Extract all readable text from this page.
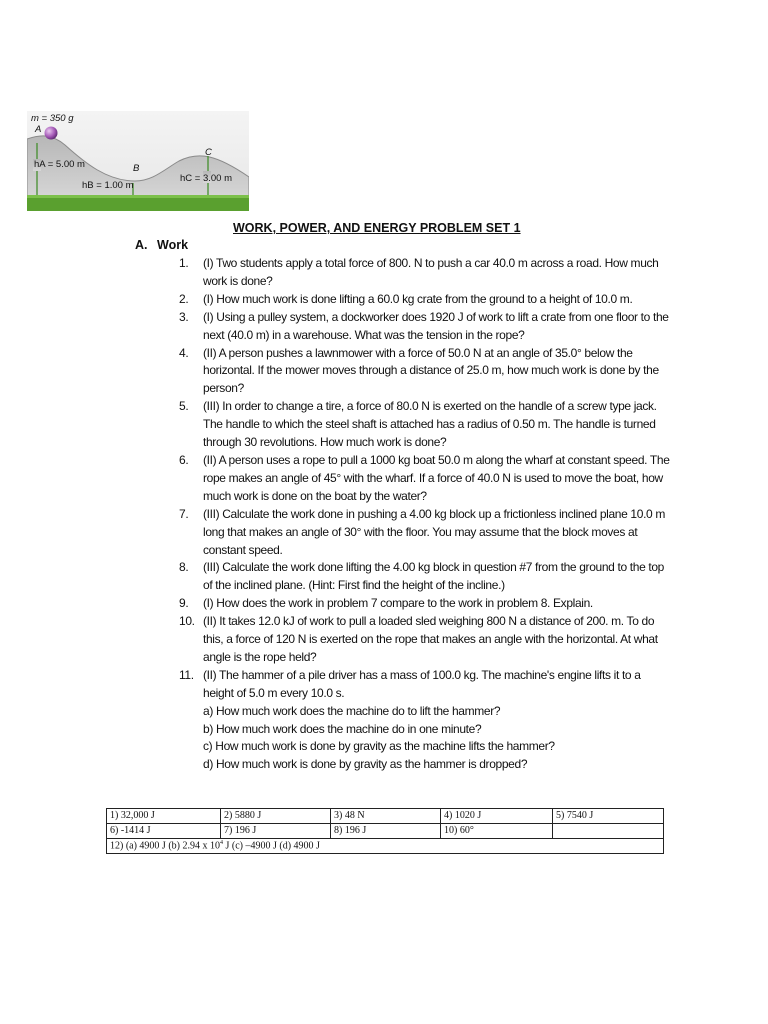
m = 350 g
A
B
C
hA = 5.00 m
hB = 1.00 m
hC = 3.00 m
WORK, POWER, AND ENERGY PROBLEM SET 1
A. Work
1.	(I) Two students apply a total force of 800. N to push a car 40.0 m across a road. How much work is done?
2.	(I) How much work is done lifting a 60.0 kg crate from the ground to a height of 10.0 m.
3.	(I) Using a pulley system, a dockworker does 1920 J of work to lift a crate from one floor to the next (40.0 m) in a warehouse. What was the tension in the rope?
4.	(II) A person pushes a lawnmower with a force of 50.0 N at an angle of 35.0° below the horizontal. If the mower moves through a distance of 25.0 m, how much work is done by the person?
5.	(III) In order to change a tire, a force of 80.0 N is exerted on the handle of a screw type jack. The handle to which the steel shaft is attached has a radius of 0.50 m. The handle is turned through 30 revolutions. How much work is done?
6.	(II) A person uses a rope to pull a 1000 kg boat 50.0 m along the wharf at constant speed. The rope makes an angle of 45° with the wharf. If a force of 40.0 N is used to move the boat, how much work is done on the boat by the water?
7.	(III) Calculate the work done in pushing a 4.00 kg block up a frictionless inclined plane 10.0 m long that makes an angle of 30° with the floor. You may assume that the block moves at constant speed.
8.	(III) Calculate the work done lifting the 4.00 kg block in question #7 from the ground to the top of the inclined plane. (Hint: First find the height of the incline.)
9.	(I) How does the work in problem 7 compare to the work in problem 8. Explain.
10. (II) It takes 12.0 kJ of work to pull a loaded sled weighing 800 N a distance of 200. m. To do this, a force of 120 N is exerted on the rope that makes an angle with the horizontal. At what angle is the rope held?
11. (II) The hammer of a pile driver has a mass of 100.0 kg. The machine's engine lifts it to a height of 5.0 m every 10.0 s.
a) How much work does the machine do to lift the hammer?
b) How much work does the machine do in one minute?
c) How much work is done by gravity as the machine lifts the hammer?
d) How much work is done by gravity as the hammer is dropped?
1) 32,000 J	2) 5880 J	3) 48 N	4) 1020 J	5) 7540 J
6) -1414 J	7) 196 J	8) 196 J	10) 60°	
12) (a) 4900 J (b) 2.94 x $10^4$ J (c) –4900 J (d) 4900 J				
